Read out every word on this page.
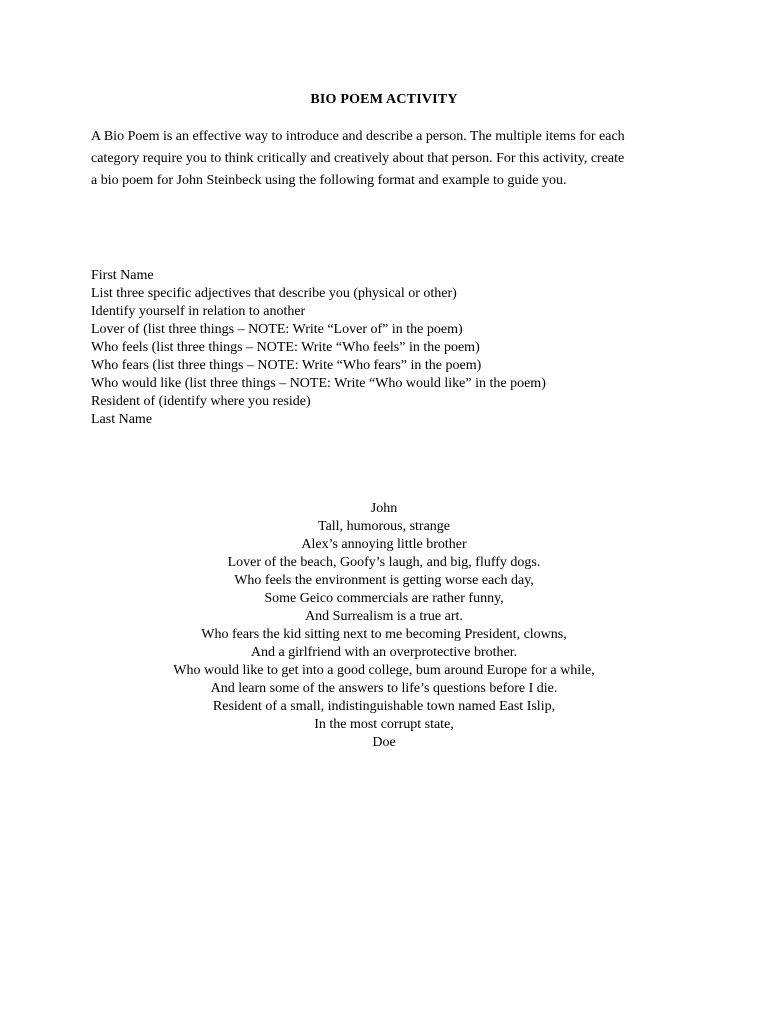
BIO POEM ACTIVITY
A Bio Poem is an effective way to introduce and describe a person. The multiple items for each
category require you to think critically and creatively about that person. For this activity, create
a bio poem for John Steinbeck using the following format and example to guide you.
First Name
List three specific adjectives that describe you (physical or other)
Identify yourself in relation to another
Lover of (list three things – NOTE: Write “Lover of” in the poem)
Who feels (list three things – NOTE: Write “Who feels” in the poem)
Who fears (list three things – NOTE: Write “Who fears” in the poem)
Who would like (list three things – NOTE: Write “Who would like” in the poem)
Resident of (identify where you reside)
Last Name
John
Tall, humorous, strange
Alex’s annoying little brother
Lover of the beach, Goofy’s laugh, and big, fluffy dogs.
Who feels the environment is getting worse each day,
Some Geico commercials are rather funny,
And Surrealism is a true art.
Who fears the kid sitting next to me becoming President, clowns,
And a girlfriend with an overprotective brother.
Who would like to get into a good college, bum around Europe for a while,
And learn some of the answers to life’s questions before I die.
Resident of a small, indistinguishable town named East Islip,
In the most corrupt state,
Doe
